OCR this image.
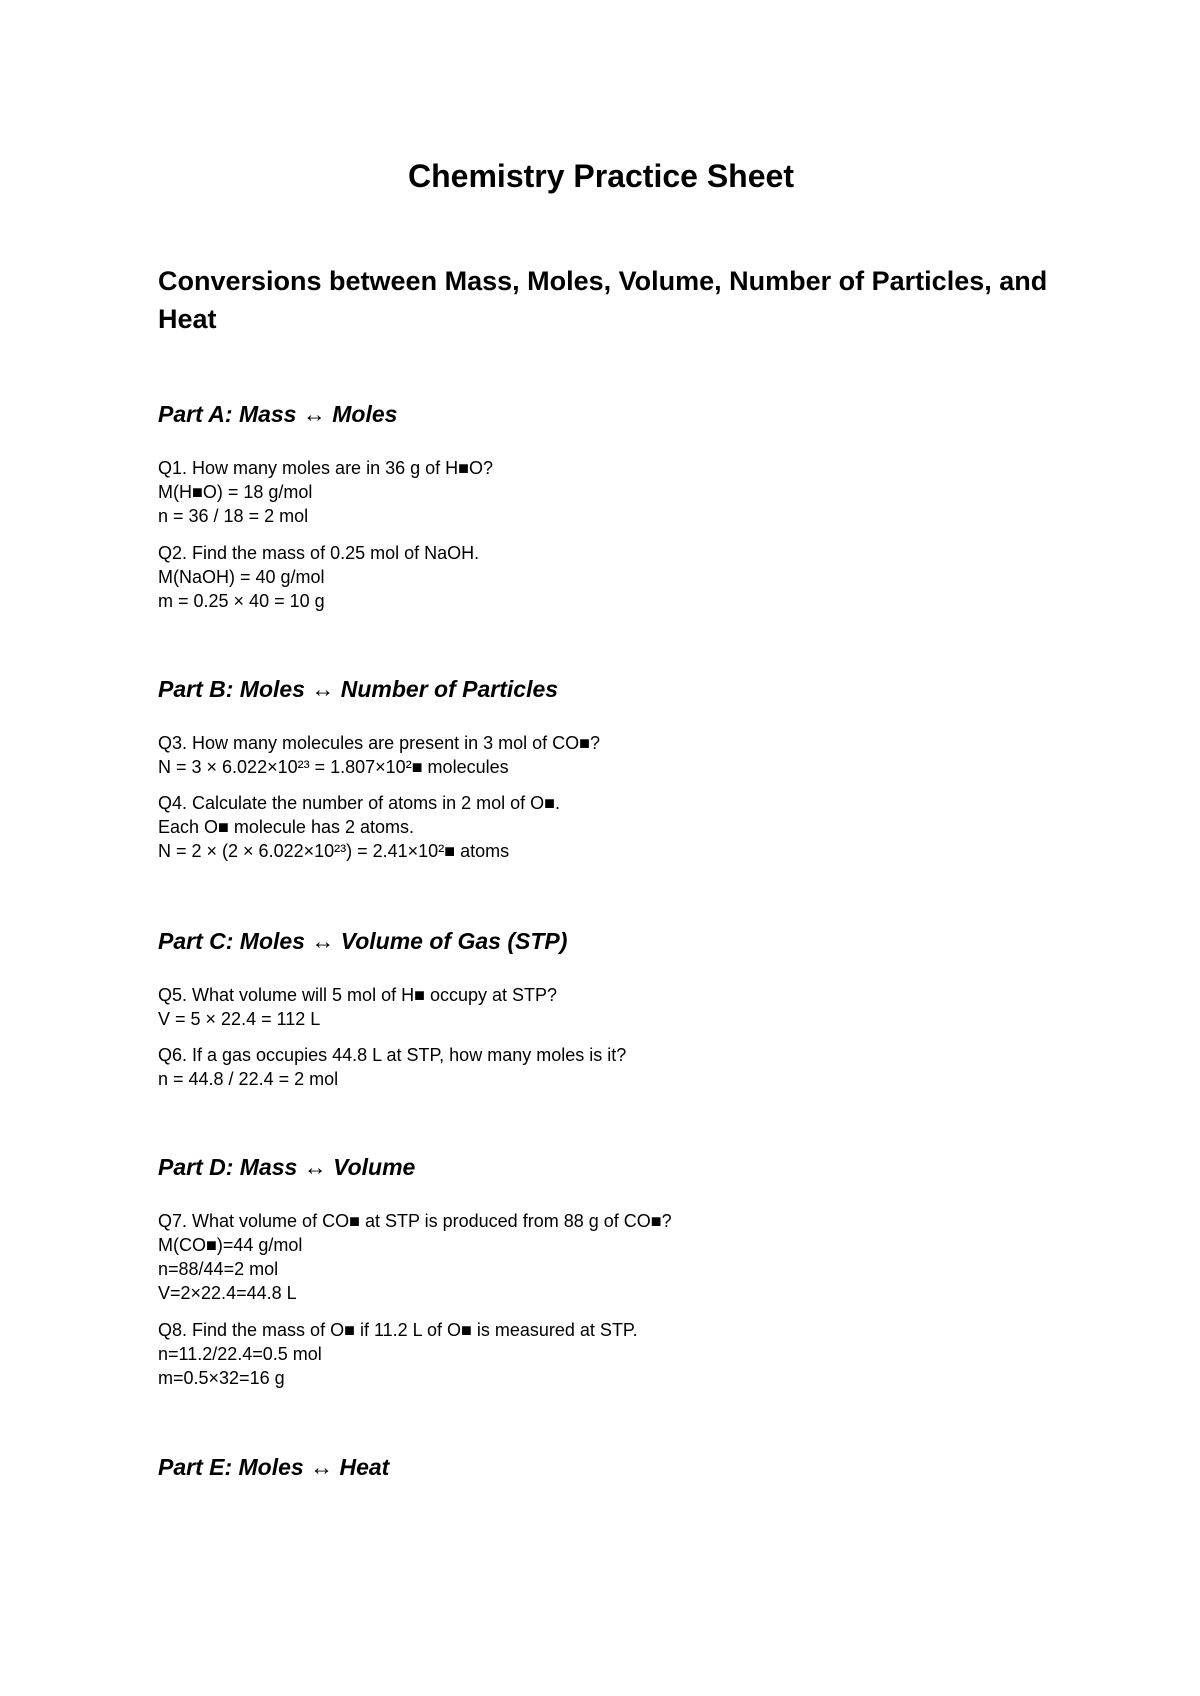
Chemistry Practice Sheet
Conversions between Mass, Moles, Volume, Number of Particles, and Heat
Part A: Mass ↔ Moles
Q1. How many moles are in 36 g of H■O?
M(H■O) = 18 g/mol
n = 36 / 18 = 2 mol
Q2. Find the mass of 0.25 mol of NaOH.
M(NaOH) = 40 g/mol
m = 0.25 × 40 = 10 g
Part B: Moles ↔ Number of Particles
Q3. How many molecules are present in 3 mol of CO■?
N = 3 × 6.022×10²³ = 1.807×10²■ molecules
Q4. Calculate the number of atoms in 2 mol of O■.
Each O■ molecule has 2 atoms.
N = 2 × (2 × 6.022×10²³) = 2.41×10²■ atoms
Part C: Moles ↔ Volume of Gas (STP)
Q5. What volume will 5 mol of H■ occupy at STP?
V = 5 × 22.4 = 112 L
Q6. If a gas occupies 44.8 L at STP, how many moles is it?
n = 44.8 / 22.4 = 2 mol
Part D: Mass ↔ Volume
Q7. What volume of CO■ at STP is produced from 88 g of CO■?
M(CO■)=44 g/mol
n=88/44=2 mol
V=2×22.4=44.8 L
Q8. Find the mass of O■ if 11.2 L of O■ is measured at STP.
n=11.2/22.4=0.5 mol
m=0.5×32=16 g
Part E: Moles ↔ Heat
